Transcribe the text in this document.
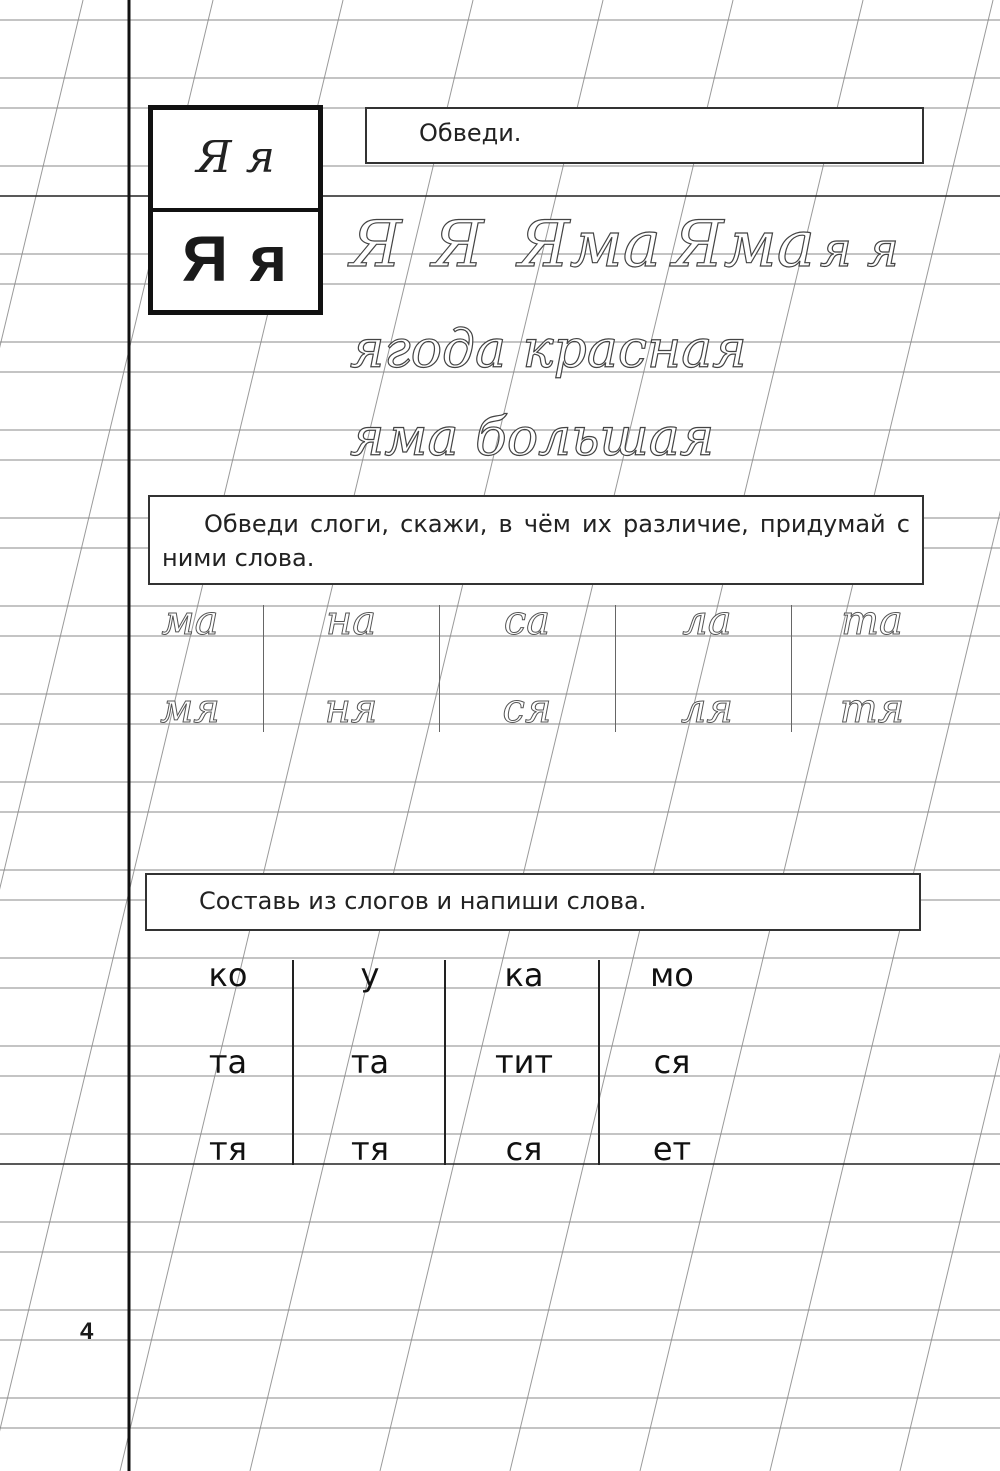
Я я
Я я
Обведи.
Я Я Яма Яма я я
ягода красная
яма большая
Обведи слоги, скажи, в чём их различие, придумай с ними слова.
ма	на	са	ла	та
мя	ня	ся	ля	тя
Составь из слогов и напиши слова.
ко	у	ка	мо
та	та	тит	ся
тя	тя	ся	ет
4
